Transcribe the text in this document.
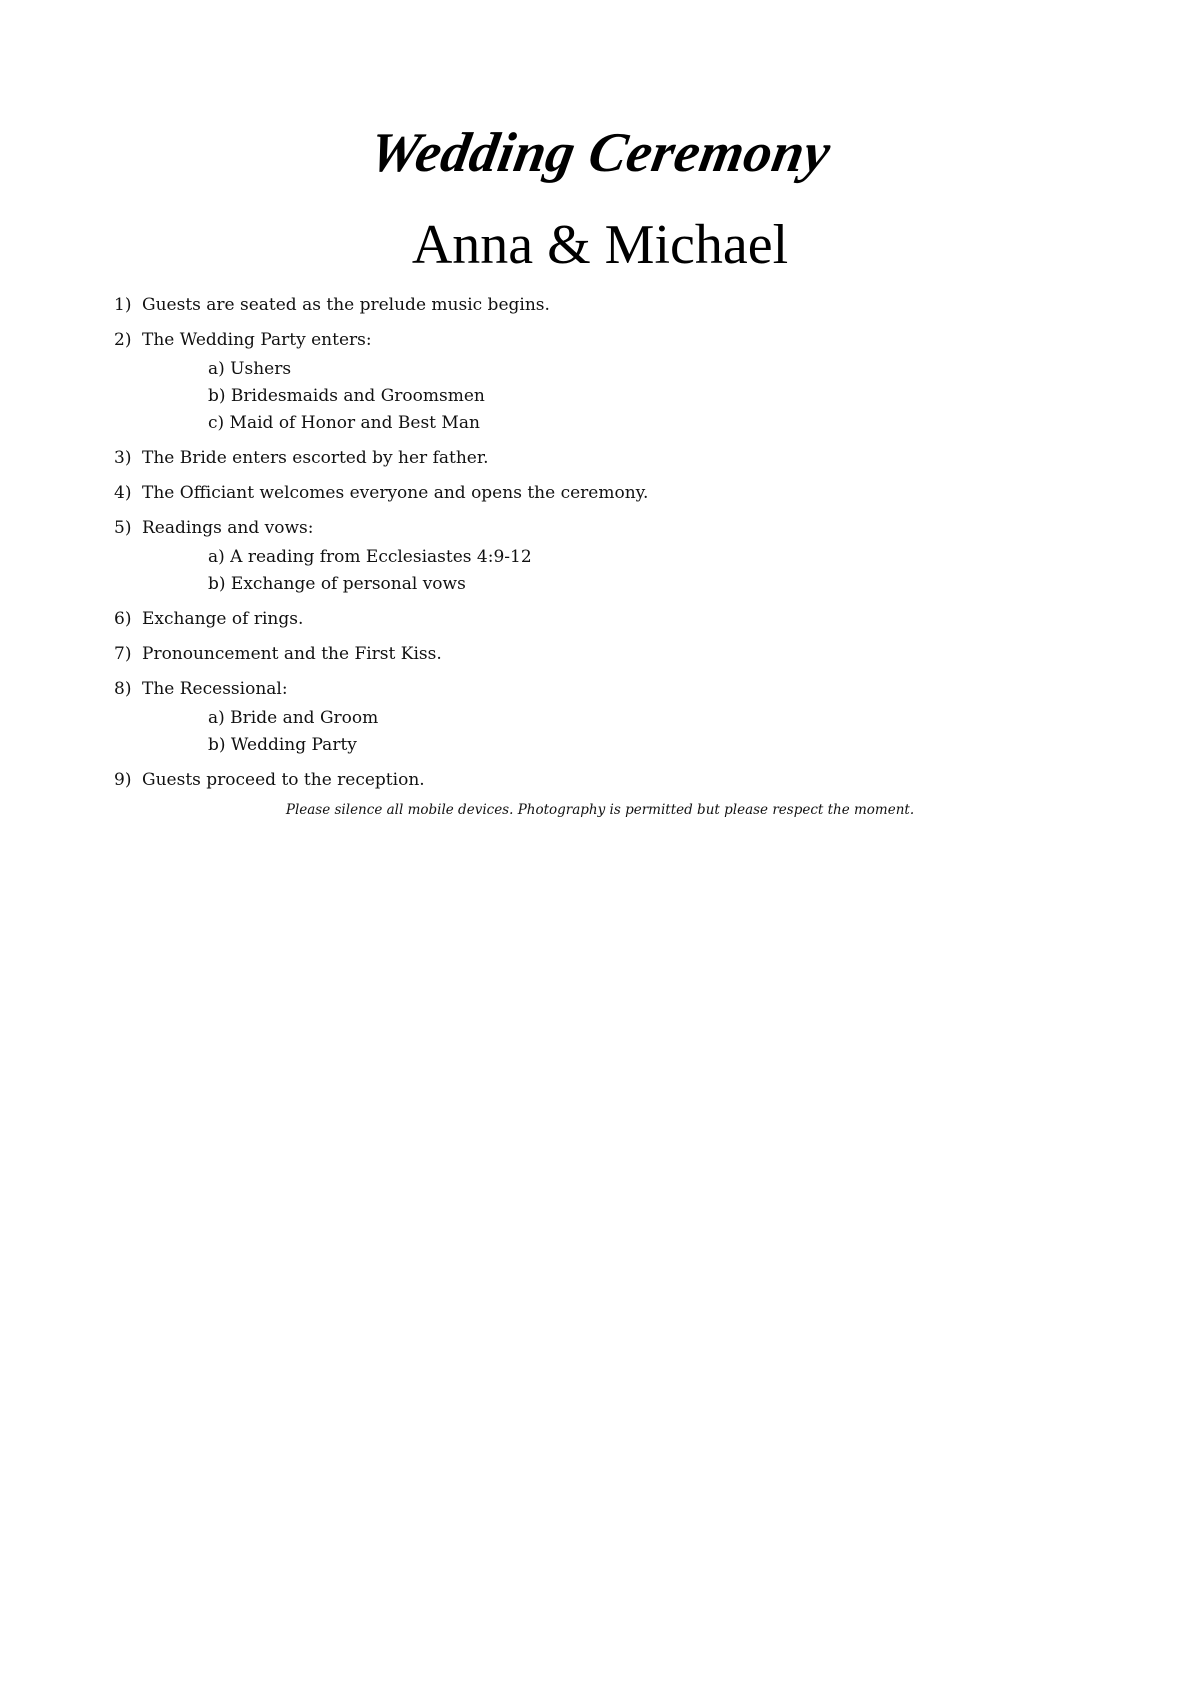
Wedding Ceremony
Anna & Michael
1) Guests are seated as the prelude music begins.
2) The Wedding Party enters:
a) Ushers
b) Bridesmaids and Groomsmen
c) Maid of Honor and Best Man
3) The Bride enters escorted by her father.
4) The Officiant welcomes everyone and opens the ceremony.
5) Readings and vows:
a) A reading from Ecclesiastes 4:9-12
b) Exchange of personal vows
6) Exchange of rings.
7) Pronouncement and the First Kiss.
8) The Recessional:
a) Bride and Groom
b) Wedding Party
9) Guests proceed to the reception.
Please silence all mobile devices. Photography is permitted but please respect the moment.
